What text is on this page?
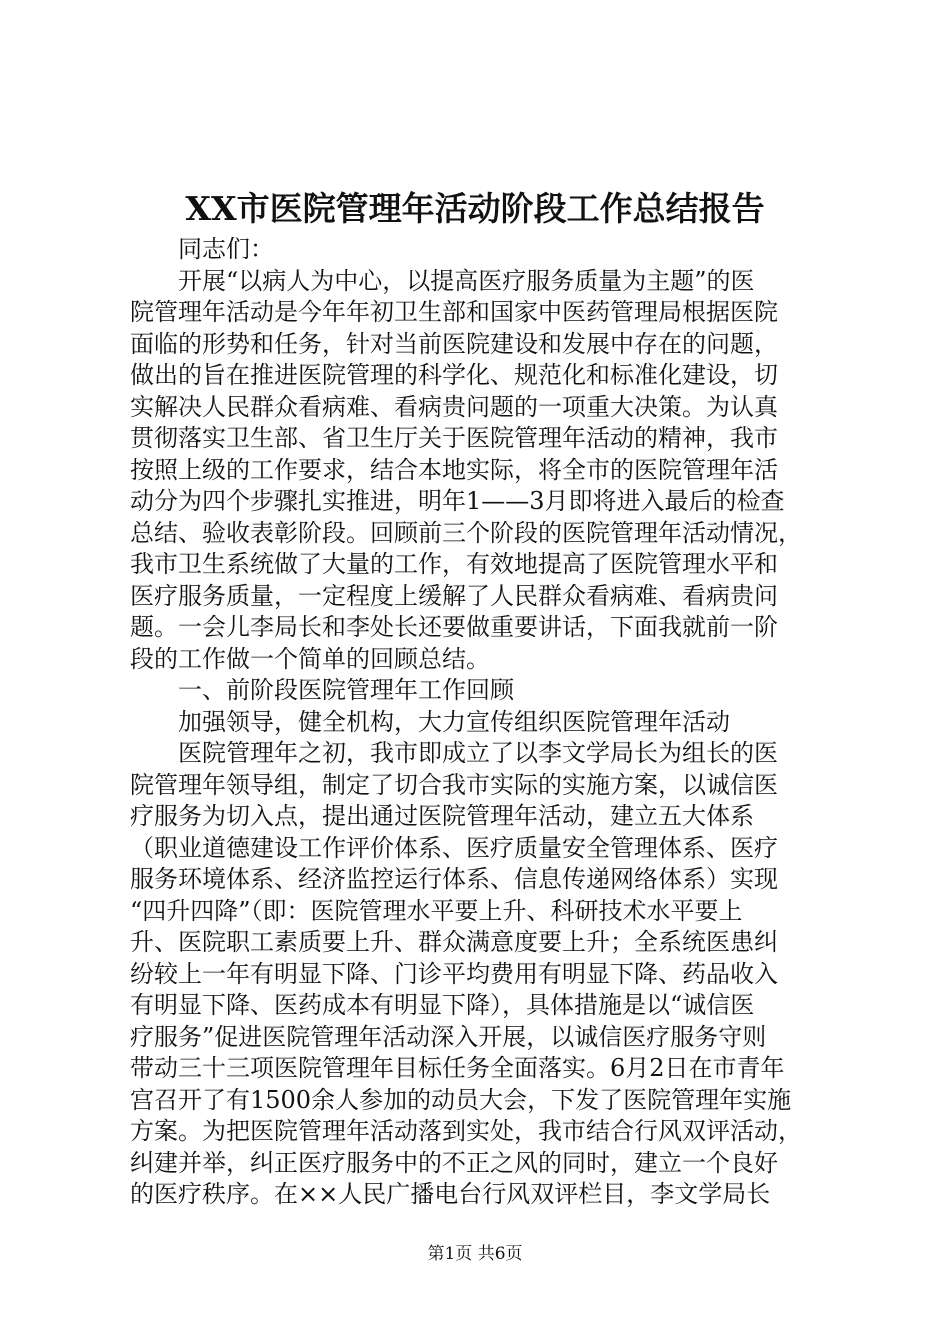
XX市医院管理年活动阶段工作总结报告
同志们：
开展“以病人为中心，以提高医疗服务质量为主题”的医
院管理年活动是今年年初卫生部和国家中医药管理局根据医院
面临的形势和任务，针对当前医院建设和发展中存在的问题，
做出的旨在推进医院管理的科学化、规范化和标准化建设，切
实解决人民群众看病难、看病贵问题的一项重大决策。为认真
贯彻落实卫生部、省卫生厅关于医院管理年活动的精神，我市
按照上级的工作要求，结合本地实际，将全市的医院管理年活
动分为四个步骤扎实推进，明年1——3月即将进入最后的检查
总结、验收表彰阶段。回顾前三个阶段的医院管理年活动情况，
我市卫生系统做了大量的工作，有效地提高了医院管理水平和
医疗服务质量，一定程度上缓解了人民群众看病难、看病贵问
题。一会儿李局长和李处长还要做重要讲话，下面我就前一阶
段的工作做一个简单的回顾总结。
一、前阶段医院管理年工作回顾
加强领导，健全机构，大力宣传组织医院管理年活动
医院管理年之初，我市即成立了以李文学局长为组长的医
院管理年领导组，制定了切合我市实际的实施方案，以诚信医
疗服务为切入点，提出通过医院管理年活动，建立五大体系
（职业道德建设工作评价体系、医疗质量安全管理体系、医疗
服务环境体系、经济监控运行体系、信息传递网络体系）实现
“四升四降”（即：医院管理水平要上升、科研技术水平要上
升、医院职工素质要上升、群众满意度要上升；全系统医患纠
纷较上一年有明显下降、门诊平均费用有明显下降、药品收入
有明显下降、医药成本有明显下降），具体措施是以“诚信医
疗服务”促进医院管理年活动深入开展，以诚信医疗服务守则
带动三十三项医院管理年目标任务全面落实。6月2日在市青年
宫召开了有1500余人参加的动员大会，下发了医院管理年实施
方案。为把医院管理年活动落到实处，我市结合行风双评活动，
纠建并举，纠正医疗服务中的不正之风的同时，建立一个良好
的医疗秩序。在××人民广播电台行风双评栏目，李文学局长
第1页 共6页
